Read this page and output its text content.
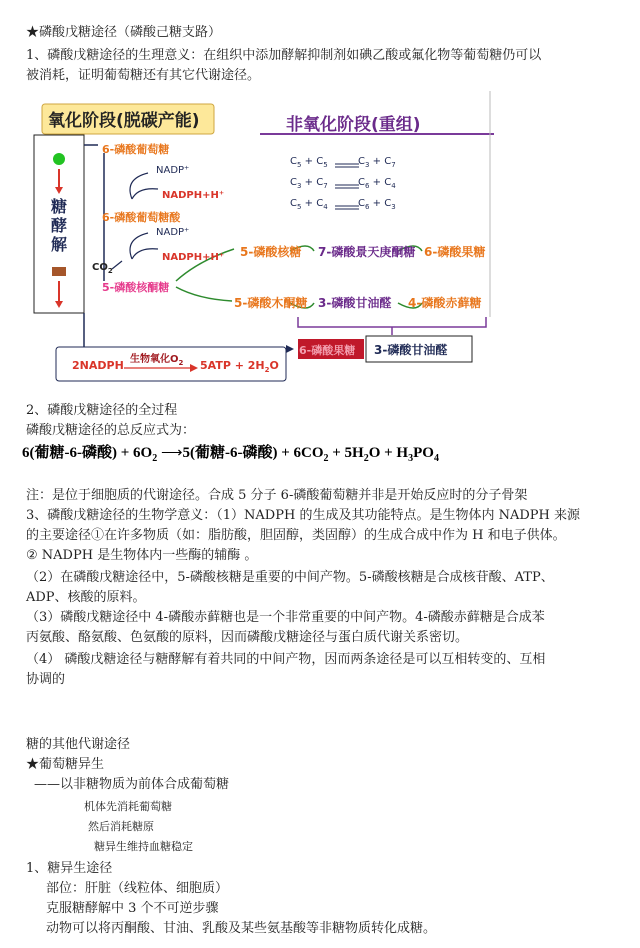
★磷酸戊糖途径（磷酸己糖支路）
1、磷酸戊糖途径的生理意义：在组织中添加酵解抑制剂如碘乙酸或氟化物等葡萄糖仍可以
被消耗，证明葡萄糖还有其它代谢途径。
氧化阶段(脱碳产能)	非氧化阶段(重组)
糖
酵
解
6-磷酸葡萄糖
NADP⁺
NADPH+H⁺
6-磷酸葡萄糖酸
NADP⁺
NADPH+H⁺
$CO_2$
5-磷酸核酮糖
$C_5 + C_5$	$C_3 + C_7$
$C_3 + C_7$	$C_6 + C_4$
$C_5 + C_4$	$C_6 + C_3$
5-磷酸核糖 7-磷酸景天庚酮糖 6-磷酸果糖
5-磷酸木酮糖 3-磷酸甘油醛 4-磷酸赤藓糖
6-磷酸果糖	3-磷酸甘油醛
2NADPH 生物氧化$O_2$ $5ATP + 2H_2O$
2、磷酸戊糖途径的全过程
磷酸戊糖途径的总反应式为：
6(葡糖-6-磷酸) + $6O_2$ ⟶5(葡糖-6-磷酸) + $6CO_2 + 5H_2O + H_3PO_4$
注：是位于细胞质的代谢途径。合成 5 分子 6-磷酸葡萄糖并非是开始反应时的分子骨架
3、磷酸戊糖途径的生物学意义：（1）NADPH 的生成及其功能特点。是生物体内 NADPH 来源
的主要途径①在许多物质（如：脂肪酸，胆固醇，类固醇）的生成合成中作为 H 和电子供体。
② NADPH 是生物体内一些酶的辅酶 。
（2）在磷酸戊糖途径中，5-磷酸核糖是重要的中间产物。5-磷酸核糖是合成核苷酸、ATP、
ADP、核酸的原料。
（3）磷酸戊糖途径中 4-磷酸赤藓糖也是一个非常重要的中间产物。4-磷酸赤藓糖是合成苯
丙氨酸、酪氨酸、色氨酸的原料，因而磷酸戊糖途径与蛋白质代谢关系密切。
（4） 磷酸戊糖途径与糖酵解有着共同的中间产物，因而两条途径是可以互相转变的、互相
协调的
糖的其他代谢途径
★葡萄糖异生
——以非糖物质为前体合成葡萄糖
机体先消耗葡萄糖
然后消耗糖原
糖异生维持血糖稳定
1、糖异生途径
部位：肝脏（线粒体、细胞质）
克服糖酵解中 3 个不可逆步骤
动物可以将丙酮酸、甘油、乳酸及某些氨基酸等非糖物质转化成糖。
